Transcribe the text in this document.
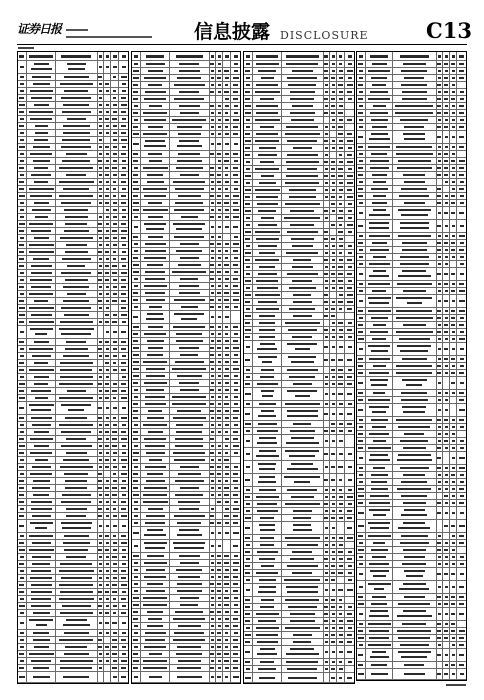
证券日报	信息披露 DISCLOSURE	C13
